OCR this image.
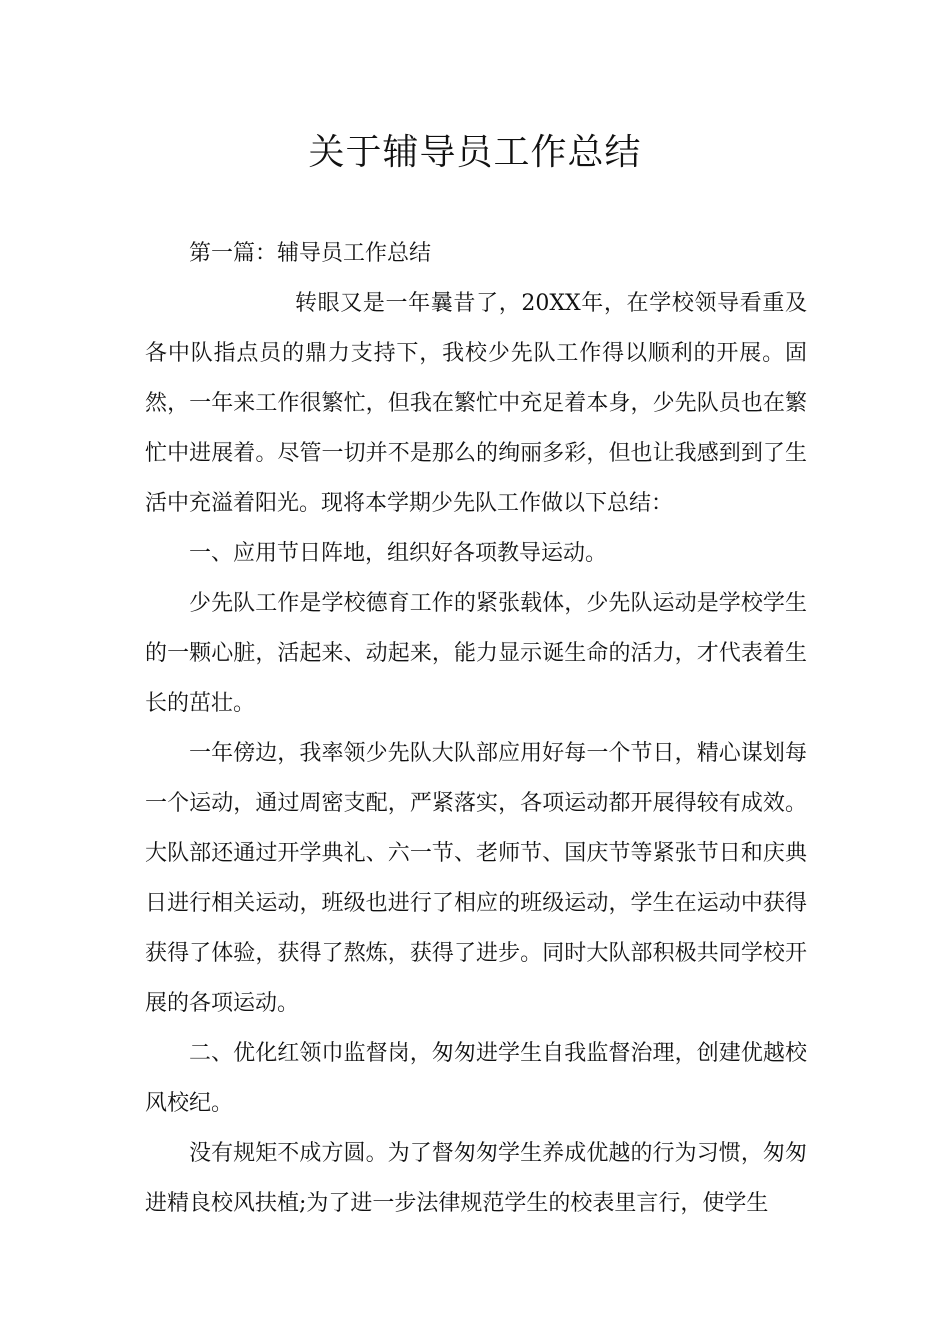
关于辅导员工作总结

第一篇：辅导员工作总结

转眼又是一年曩昔了，20XX年，在学校领导看重及各中队指点员的鼎力支持下，我校少先队工作得以顺利的开展。固然，一年来工作很繁忙，但我在繁忙中充足着本身，少先队员也在繁忙中进展着。尽管一切并不是那么的绚丽多彩，但也让我感到到了生活中充溢着阳光。现将本学期少先队工作做以下总结：

一、应用节日阵地，组织好各项教导运动。

少先队工作是学校德育工作的紧张载体，少先队运动是学校学生的一颗心脏，活起来、动起来，能力显示诞生命的活力，才代表着生长的茁壮。

一年傍边，我率领少先队大队部应用好每一个节日，精心谋划每一个运动，通过周密支配，严紧落实，各项运动都开展得较有成效。大队部还通过开学典礼、六一节、老师节、国庆节等紧张节日和庆典日进行相关运动，班级也进行了相应的班级运动，学生在运动中获得获得了体验，获得了熬炼，获得了进步。同时大队部积极共同学校开展的各项运动。

二、优化红领巾监督岗，匆匆进学生自我监督治理，创建优越校风校纪。

没有规矩不成方圆。为了督匆匆学生养成优越的行为习惯，匆匆进精良校风扶植;为了进一步法律规范学生的校表里言行，使学生
